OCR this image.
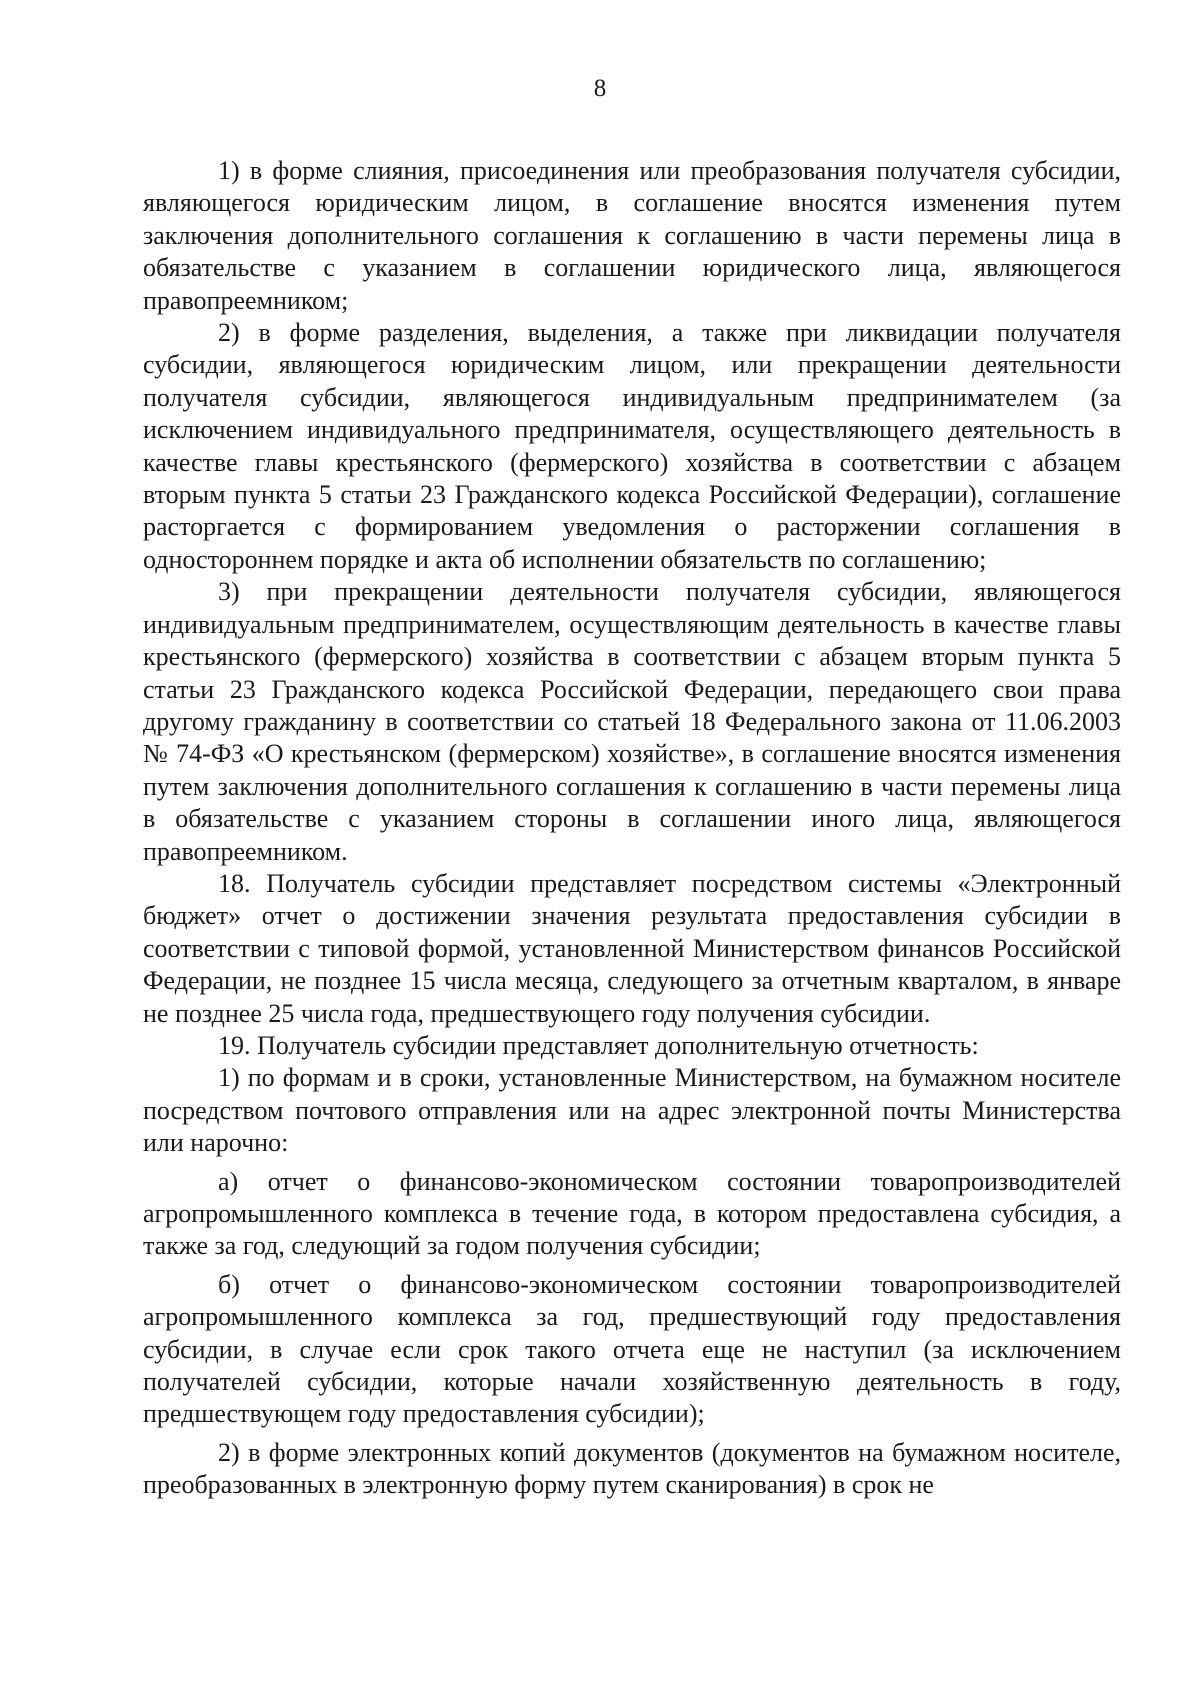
8

1) в форме слияния, присоединения или преобразования получателя субсидии, являющегося юридическим лицом, в соглашение вносятся изменения путем заключения дополнительного соглашения к соглашению в части перемены лица в обязательстве с указанием в соглашении юридического лица, являющегося правопреемником;

2) в форме разделения, выделения, а также при ликвидации получателя субсидии, являющегося юридическим лицом, или прекращении деятельности получателя субсидии, являющегося индивидуальным предпринимателем (за исключением индивидуального предпринимателя, осуществляющего деятельность в качестве главы крестьянского (фермерского) хозяйства в соответствии с абзацем вторым пункта 5 статьи 23 Гражданского кодекса Российской Федерации), соглашение расторгается с формированием уведомления о расторжении соглашения в одностороннем порядке и акта об исполнении обязательств по соглашению;

3) при прекращении деятельности получателя субсидии, являющегося индивидуальным предпринимателем, осуществляющим деятельность в качестве главы крестьянского (фермерского) хозяйства в соответствии с абзацем вторым пункта 5 статьи 23 Гражданского кодекса Российской Федерации, передающего свои права другому гражданину в соответствии со статьей 18 Федерального закона от 11.06.2003 № 74-ФЗ «О крестьянском (фермерском) хозяйстве», в соглашение вносятся изменения путем заключения дополнительного соглашения к соглашению в части перемены лица в обязательстве с указанием стороны в соглашении иного лица, являющегося правопреемником.

18. Получатель субсидии представляет посредством системы «Электронный бюджет» отчет о достижении значения результата предоставления субсидии в соответствии с типовой формой, установленной Министерством финансов Российской Федерации, не позднее 15 числа месяца, следующего за отчетным кварталом, в январе не позднее 25 числа года, предшествующего году получения субсидии.

19. Получатель субсидии представляет дополнительную отчетность:

1) по формам и в сроки, установленные Министерством, на бумажном носителе посредством почтового отправления или на адрес электронной почты Министерства или нарочно:

а) отчет о финансово-экономическом состоянии товаропроизводителей агропромышленного комплекса в течение года, в котором предоставлена субсидия, а также за год, следующий за годом получения субсидии;

б) отчет о финансово-экономическом состоянии товаропроизводителей агропромышленного комплекса за год, предшествующий году предоставления субсидии, в случае если срок такого отчета еще не наступил (за исключением получателей субсидии, которые начали хозяйственную деятельность в году, предшествующем году предоставления субсидии);

2) в форме электронных копий документов (документов на бумажном носителе, преобразованных в электронную форму путем сканирования) в срок не
